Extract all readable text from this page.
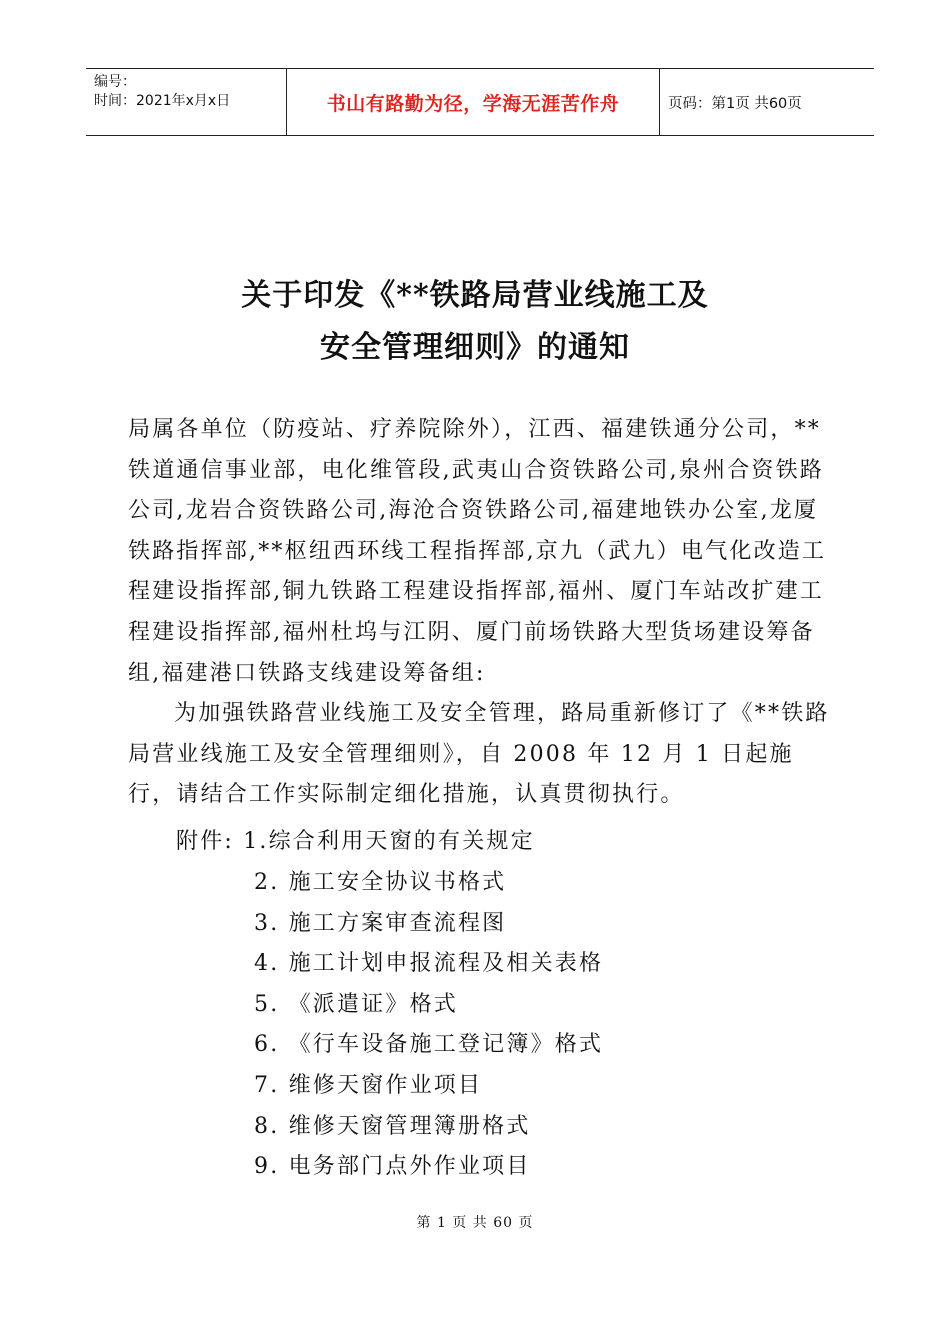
编号：
时间：2021年x月x日	书山有路勤为径，学海无涯苦作舟	页码：第1页 共60页
关于印发《**铁路局营业线施工及
安全管理细则》的通知

局属各单位（防疫站、疗养院除外），江西、福建铁通分公司，**铁道通信事业部，电化维管段,武夷山合资铁路公司,泉州合资铁路公司,龙岩合资铁路公司,海沧合资铁路公司,福建地铁办公室,龙厦铁路指挥部,**枢纽西环线工程指挥部,京九（武九）电气化改造工程建设指挥部,铜九铁路工程建设指挥部,福州、厦门车站改扩建工程建设指挥部,福州杜坞与江阴、厦门前场铁路大型货场建设筹备组,福建港口铁路支线建设筹备组:

为加强铁路营业线施工及安全管理，路局重新修订了《**铁路局营业线施工及安全管理细则》，自 2008 年 12 月 1 日起施行，请结合工作实际制定细化措施，认真贯彻执行。

附件: 1.综合利用天窗的有关规定
2. 施工安全协议书格式
3. 施工方案审查流程图
4. 施工计划申报流程及相关表格
5. 《派遣证》格式
6. 《行车设备施工登记簿》格式
7. 维修天窗作业项目
8. 维修天窗管理簿册格式
9. 电务部门点外作业项目
第 1 页 共 60 页
